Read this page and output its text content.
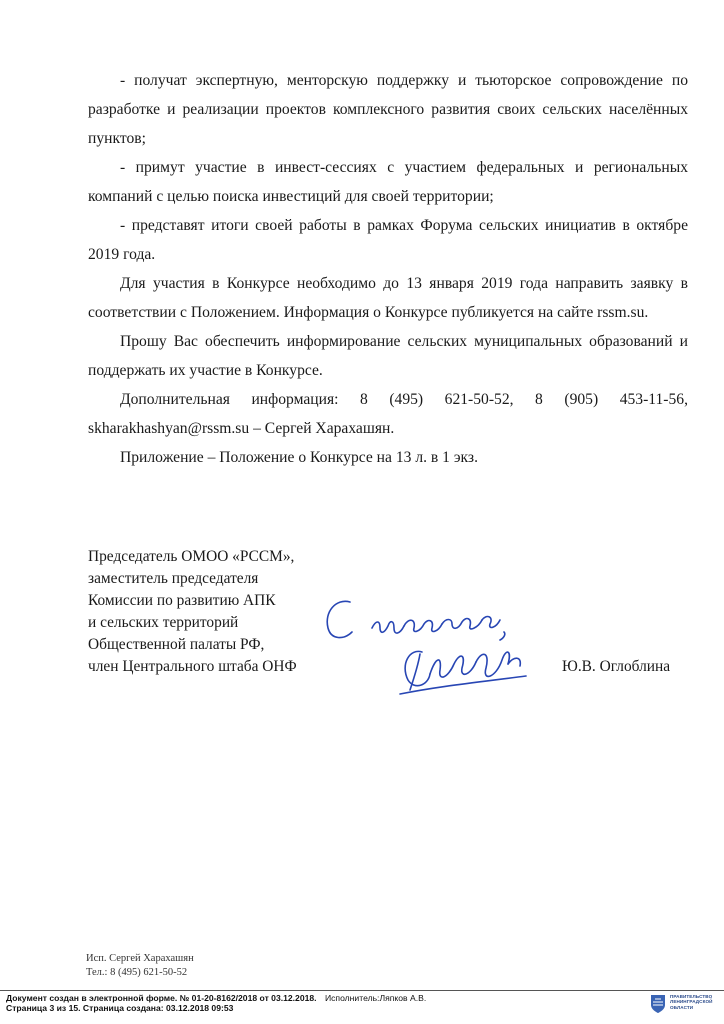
- получат экспертную, менторскую поддержку и тьюторское сопровождение по разработке и реализации проектов комплексного развития своих сельских населённых пунктов;

- примут участие в инвест-сессиях с участием федеральных и региональных компаний с целью поиска инвестиций для своей территории;

- представят итоги своей работы в рамках Форума сельских инициатив в октябре 2019 года.

Для участия в Конкурсе необходимо до 13 января 2019 года направить заявку в соответствии с Положением. Информация о Конкурсе публикуется на сайте rssm.su.

Прошу Вас обеспечить информирование сельских муниципальных образований и поддержать их участие в Конкурсе.

Дополнительная информация: 8 (495) 621-50-52, 8 (905) 453-11-56, skharakhashyan@rssm.su – Сергей Харахашян.

Приложение – Положение о Конкурсе на 13 л. в 1 экз.

Председатель ОМОО «РССМ»,
заместитель председателя
Комиссии по развитию АПК
и сельских территорий
Общественной палаты РФ,
член Центрального штаба ОНФ	Ю.В. Оглоблина
Исп. Сергей Харахашян
Тел.: 8 (495) 621-50-52
Документ создан в электронной форме. № 01-20-8162/2018 от 03.12.2018. Исполнитель:Ляпков А.В.
Страница 3 из 15. Страница создана: 03.12.2018 09:53
ПРАВИТЕЛЬСТВО
ЛЕНИНГРАДСКОЙ
ОБЛАСТИ
